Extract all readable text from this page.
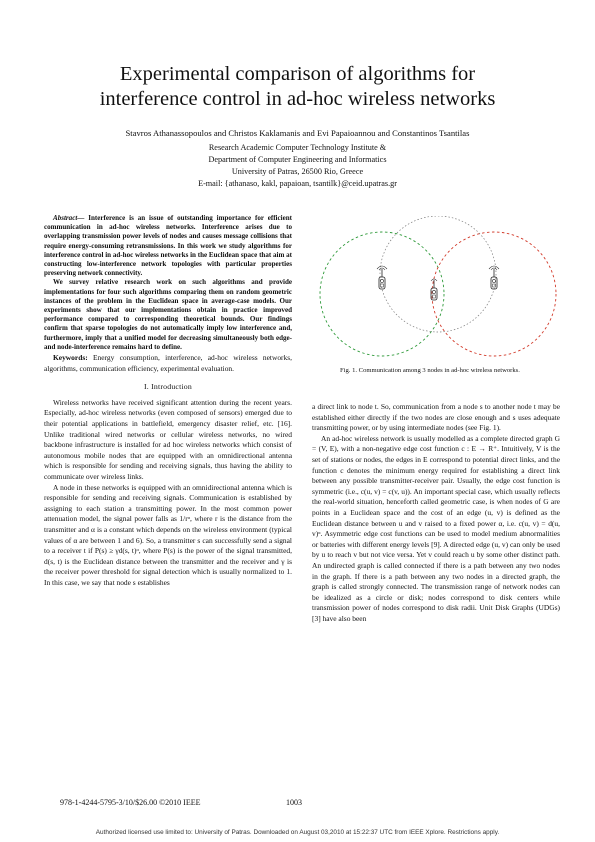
Experimental comparison of algorithms for
interference control in ad-hoc wireless networks
Stavros Athanassopoulos and Christos Kaklamanis and Evi Papaioannou and Constantinos Tsantilas
Research Academic Computer Technology Institute &
Department of Computer Engineering and Informatics
University of Patras, 26500 Rio, Greece
E-mail: {athanaso, kakl, papaioan, tsantilk}@ceid.upatras.gr

Abstract— Interference is an issue of outstanding importance for efficient communication in ad-hoc wireless networks. Interference arises due to overlapping transmission power levels of nodes and causes message collisions that require energy-consuming retransmissions. In this work we study algorithms for interference control in ad-hoc wireless networks in the Euclidean space that aim at constructing low-interference network topologies with particular properties preserving network connectivity.

We survey relative research work on such algorithms and provide implementations for four such algorithms comparing them on random geometric instances of the problem in the Euclidean space in average-case models. Our experiments show that our implementations obtain in practice improved performance compared to corresponding theoretical bounds. Our findings confirm that sparse topologies do not automatically imply low interference and, furthermore, imply that a unified model for decreasing simultaneously both edge- and node-interference remains hard to define.

Keywords: Energy consumption, interference, ad-hoc wireless networks, algorithms, communication efficiency, experimental evaluation.

I. Introduction

Wireless networks have received significant attention during the recent years. Especially, ad-hoc wireless networks (even composed of sensors) emerged due to their potential applications in battlefield, emergency disaster relief, etc. [16]. Unlike traditional wired networks or cellular wireless networks, no wired backbone infrastructure is installed for ad hoc wireless networks which consist of autonomous mobile nodes that are equipped with an omnidirectional antenna which is responsible for sending and receiving signals, thus having the ability to communicate over wireless links.

A node in these networks is equipped with an omnidirectional antenna which is responsible for sending and receiving signals. Communication is established by assigning to each station a transmitting power. In the most common power attenuation model, the signal power falls as 1/rᵅ, where r is the distance from the transmitter and α is a constant which depends on the wireless environment (typical values of α are between 1 and 6). So, a transmitter s can successfully send a signal to a receiver t if P(s) ≥ γd(s, t)ᵅ, where P(s) is the power of the signal transmitted, d(s, t) is the Euclidean distance between the transmitter and the receiver and γ is the receiver power threshold for signal detection which is usually normalized to 1. In this case, we say that node s establishes

Fig. 1. Communication among 3 nodes in ad-hoc wireless networks.

a direct link to node t. So, communication from a node s to another node t may be established either directly if the two nodes are close enough and s uses adequate transmitting power, or by using intermediate nodes (see Fig. 1).

An ad-hoc wireless network is usually modelled as a complete directed graph G = (V, E), with a non-negative edge cost function c : E → R⁺. Intuitively, V is the set of stations or nodes, the edges in E correspond to potential direct links, and the function c denotes the minimum energy required for establishing a direct link between any possible transmitter-receiver pair. Usually, the edge cost function is symmetric (i.e., c(u, v) = c(v, u)). An important special case, which usually reflects the real-world situation, henceforth called geometric case, is when nodes of G are points in a Euclidean space and the cost of an edge (u, v) is defined as the Euclidean distance between u and v raised to a fixed power α, i.e. c(u, v) = d(u, v)ᵅ. Asymmetric edge cost functions can be used to model medium abnormalities or batteries with different energy levels [9]. A directed edge (u, v) can only be used by u to reach v but not vice versa. Yet v could reach u by some other distinct path. An undirected graph is called connected if there is a path between any two nodes in the graph. If there is a path between any two nodes in a directed graph, the graph is called strongly connected. The transmission range of network nodes can be idealized as a circle or disk; nodes correspond to disk centers while transmission power of nodes correspond to disk radii. Unit Disk Graphs (UDGs) [3] have also been

978-1-4244-5795-3/10/$26.00 ©2010 IEEE	1003
Authorized licensed use limited to: University of Patras. Downloaded on August 03,2010 at 15:22:37 UTC from IEEE Xplore. Restrictions apply.
